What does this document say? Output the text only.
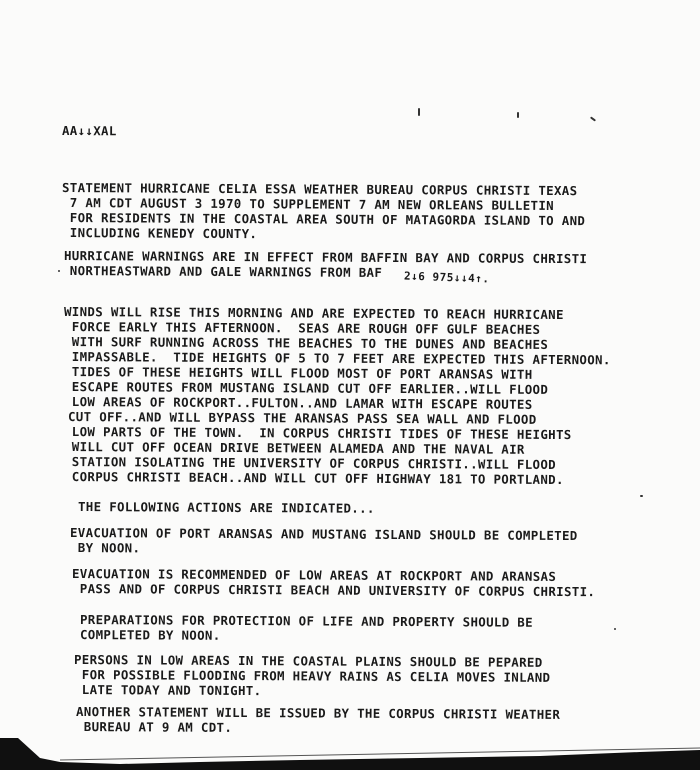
AA↓↓XAL
STATEMENT HURRICANE CELIA ESSA WEATHER BUREAU CORPUS CHRISTI TEXAS
7 AM CDT AUGUST 3 1970 TO SUPPLEMENT 7 AM NEW ORLEANS BULLETIN
FOR RESIDENTS IN THE COASTAL AREA SOUTH OF MATAGORDA ISLAND TO AND
INCLUDING KENEDY COUNTY.
HURRICANE WARNINGS ARE IN EFFECT FROM BAFFIN BAY AND CORPUS CHRISTI
NORTHEASTWARD AND GALE WARNINGS FROM BAF 2↓6 975↓↓4↑.
WINDS WILL RISE THIS MORNING AND ARE EXPECTED TO REACH HURRICANE
FORCE EARLY THIS AFTERNOON.  SEAS ARE ROUGH OFF GULF BEACHES
WITH SURF RUNNING ACROSS THE BEACHES TO THE DUNES AND BEACHES
IMPASSABLE.  TIDE HEIGHTS OF 5 TO 7 FEET ARE EXPECTED THIS AFTERNOON.
TIDES OF THESE HEIGHTS WILL FLOOD MOST OF PORT ARANSAS WITH
ESCAPE ROUTES FROM MUSTANG ISLAND CUT OFF EARLIER..WILL FLOOD
LOW AREAS OF ROCKPORT..FULTON..AND LAMAR WITH ESCAPE ROUTES
CUT OFF..AND WILL BYPASS THE ARANSAS PASS SEA WALL AND FLOOD
LOW PARTS OF THE TOWN.  IN CORPUS CHRISTI TIDES OF THESE HEIGHTS
WILL CUT OFF OCEAN DRIVE BETWEEN ALAMEDA AND THE NAVAL AIR
STATION ISOLATING THE UNIVERSITY OF CORPUS CHRISTI..WILL FLOOD
CORPUS CHRISTI BEACH..AND WILL CUT OFF HIGHWAY 181 TO PORTLAND.
THE FOLLOWING ACTIONS ARE INDICATED...
EVACUATION OF PORT ARANSAS AND MUSTANG ISLAND SHOULD BE COMPLETED
BY NOON.
EVACUATION IS RECOMMENDED OF LOW AREAS AT ROCKPORT AND ARANSAS
PASS AND OF CORPUS CHRISTI BEACH AND UNIVERSITY OF CORPUS CHRISTI.
PREPARATIONS FOR PROTECTION OF LIFE AND PROPERTY SHOULD BE
COMPLETED BY NOON.
PERSONS IN LOW AREAS IN THE COASTAL PLAINS SHOULD BE PEPARED
FOR POSSIBLE FLOODING FROM HEAVY RAINS AS CELIA MOVES INLAND
LATE TODAY AND TONIGHT.
ANOTHER STATEMENT WILL BE ISSUED BY THE CORPUS CHRISTI WEATHER
BUREAU AT 9 AM CDT.
